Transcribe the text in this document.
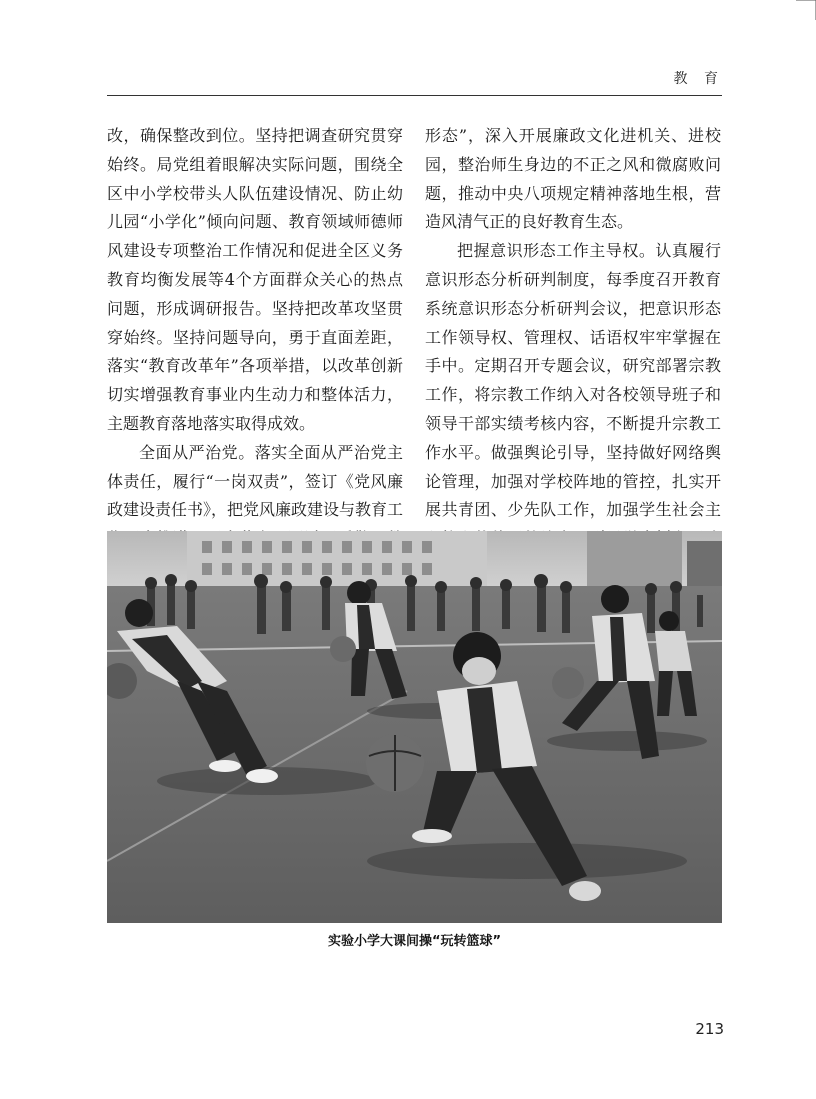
教 育

改，确保整改到位。坚持把调查研究贯穿始终。局党组着眼解决实际问题，围绕全区中小学校带头人队伍建设情况、防止幼儿园“小学化”倾向问题、教育领域师德师风建设专项整治工作情况和促进全区义务教育均衡发展等4个方面群众关心的热点问题，形成调研报告。坚持把改革攻坚贯穿始终。坚持问题导向，勇于直面差距，落实“教育改革年”各项举措，以改革创新切实增强教育事业内生动力和整体活力，主题教育落地落实取得成效。

全面从严治党。落实全面从严治党主体责任，履行“一岗双责”，签订《党风廉政建设责任书》，把党风廉政建设与教育工

形态”，深入开展廉政文化进机关、进校园，整治师生身边的不正之风和微腐败问题，推动中央八项规定精神落地生根，营造风清气正的良好教育生态。

把握意识形态工作主导权。认真履行意识形态分析研判制度，每季度召开教育系统意识形态分析研判会议，把意识形态工作领导权、管理权、话语权牢牢掌握在手中。定期召开专题会议，研究部署宗教工作，将宗教工作纳入对各校领导班子和领导干部实绩考核内容，不断提升宗教工作水平。做强舆论引导，坚持做好网络舆论管理，加强对学校阵地的管控，扎实开展共青团、少先队工作，加强学生社会主

实验小学大课间操“玩转篮球”
213
